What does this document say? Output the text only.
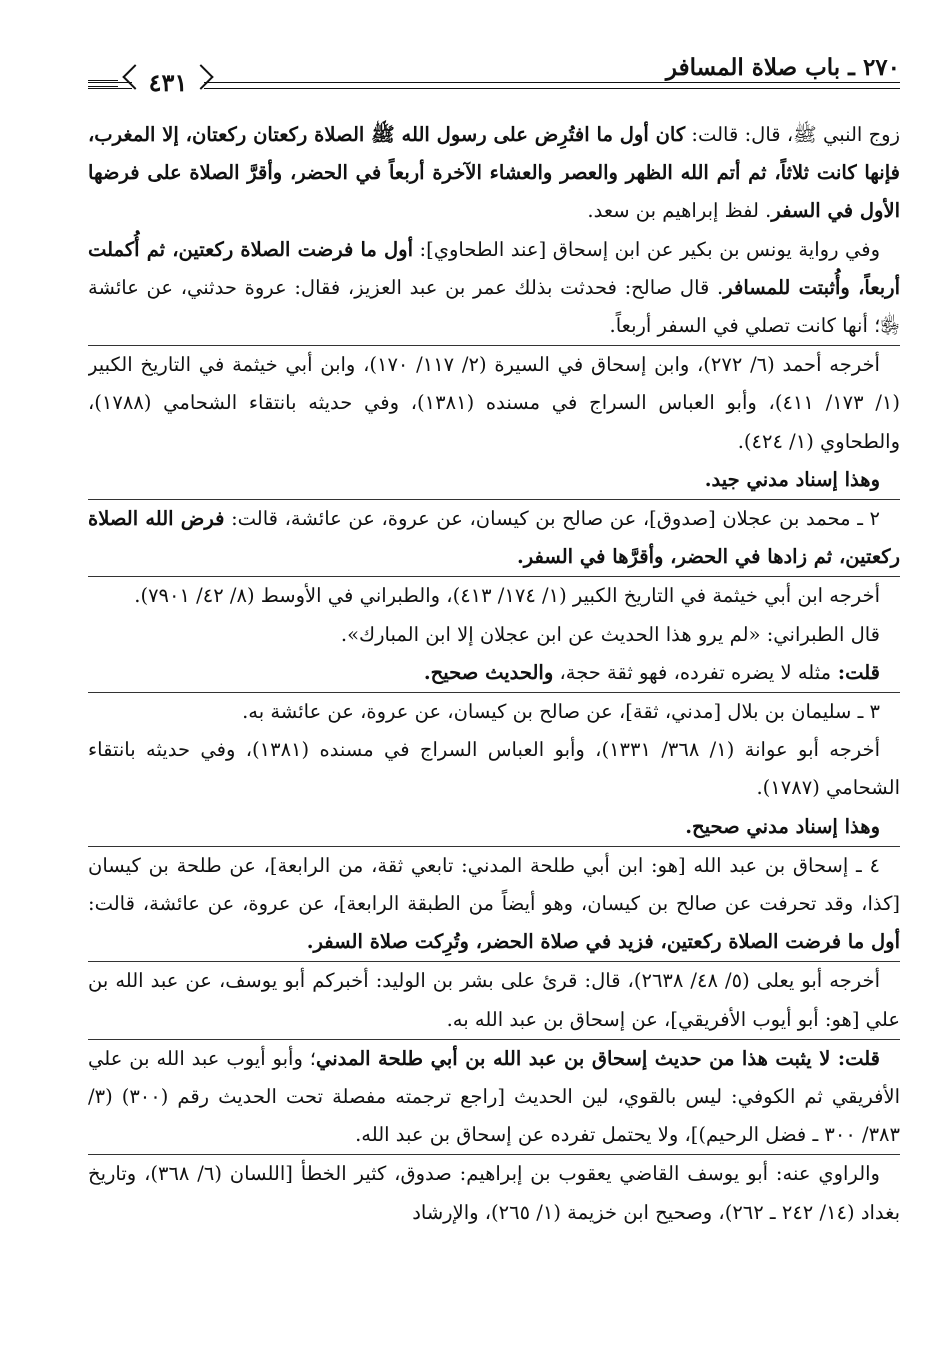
٢٧٠ ـ باب صلاة المسافر
٤٣١

زوج النبي ﷺ، قال: قالت: كان أول ما افتُرِض على رسول الله ﷺ الصلاة ركعتان ركعتان، إلا المغرب، فإنها كانت ثلاثاً، ثم أتم الله الظهر والعصر والعشاء الآخرة أربعاً في الحضر، وأقرَّ الصلاة على فرضها الأول في السفر. لفظ إبراهيم بن سعد.

وفي رواية يونس بن بكير عن ابن إسحاق [عند الطحاوي]: أول ما فرضت الصلاة ركعتين، ثم أُكملت أربعاً، وأُثبتت للمسافر. قال صالح: فحدثت بذلك عمر بن عبد العزيز، فقال: عروة حدثني، عن عائشة ﵂؛ أنها كانت تصلي في السفر أربعاً.

أخرجه أحمد (٦/ ٢٧٢)، وابن إسحاق في السيرة (٢/ ١١٧/ ١٧٠)، وابن أبي خيثمة في التاريخ الكبير (١/ ١٧٣/ ٤١١)، وأبو العباس السراج في مسنده (١٣٨١)، وفي حديثه بانتقاء الشحامي (١٧٨٨)، والطحاوي (١/ ٤٢٤).

وهذا إسناد مدني جيد.

٢ ـ محمد بن عجلان [صدوق]، عن صالح بن كيسان، عن عروة، عن عائشة، قالت: فرض الله الصلاة ركعتين، ثم زادها في الحضر، وأقرَّها في السفر.

أخرجه ابن أبي خيثمة في التاريخ الكبير (١/ ١٧٤/ ٤١٣)، والطبراني في الأوسط (٨/ ٤٢/ ٧٩٠١).

قال الطبراني: «لم يرو هذا الحديث عن ابن عجلان إلا ابن المبارك».

قلت: مثله لا يضره تفرده، فهو ثقة حجة، والحديث صحيح.

٣ ـ سليمان بن بلال [مدني، ثقة]، عن صالح بن كيسان، عن عروة، عن عائشة به.

أخرجه أبو عوانة (١/ ٣٦٨/ ١٣٣١)، وأبو العباس السراج في مسنده (١٣٨١)، وفي حديثه بانتقاء الشحامي (١٧٨٧).

وهذا إسناد مدني صحيح.

٤ ـ إسحاق بن عبد الله [هو: ابن أبي طلحة المدني: تابعي ثقة، من الرابعة]، عن طلحة بن كيسان [كذا، وقد تحرفت عن صالح بن كيسان، وهو أيضاً من الطبقة الرابعة]، عن عروة، عن عائشة، قالت: أول ما فرضت الصلاة ركعتين، فزيد في صلاة الحضر، وتُرِكت صلاة السفر.

أخرجه أبو يعلى (٥/ ٤٨/ ٢٦٣٨)، قال: قرئ على بشر بن الوليد: أخبركم أبو يوسف، عن عبد الله بن علي [هو: أبو أيوب الأفريقي]، عن إسحاق بن عبد الله به.

قلت: لا يثبت هذا من حديث إسحاق بن عبد الله بن أبي طلحة المدني؛ وأبو أيوب عبد الله بن علي الأفريقي ثم الكوفي: ليس بالقوي، لين الحديث [راجع ترجمته مفصلة تحت الحديث رقم (٣٠٠) (٣/ ٣٨٣/ ٣٠٠ ـ فضل الرحيم)]، ولا يحتمل تفرده عن إسحاق بن عبد الله.

والراوي عنه: أبو يوسف القاضي يعقوب بن إبراهيم: صدوق، كثير الخطأ [اللسان (٦/ ٣٦٨)، وتاريخ بغداد (١٤/ ٢٤٢ ـ ٢٦٢)، وصحيح ابن خزيمة (١/ ٢٦٥)، والإرشاد
